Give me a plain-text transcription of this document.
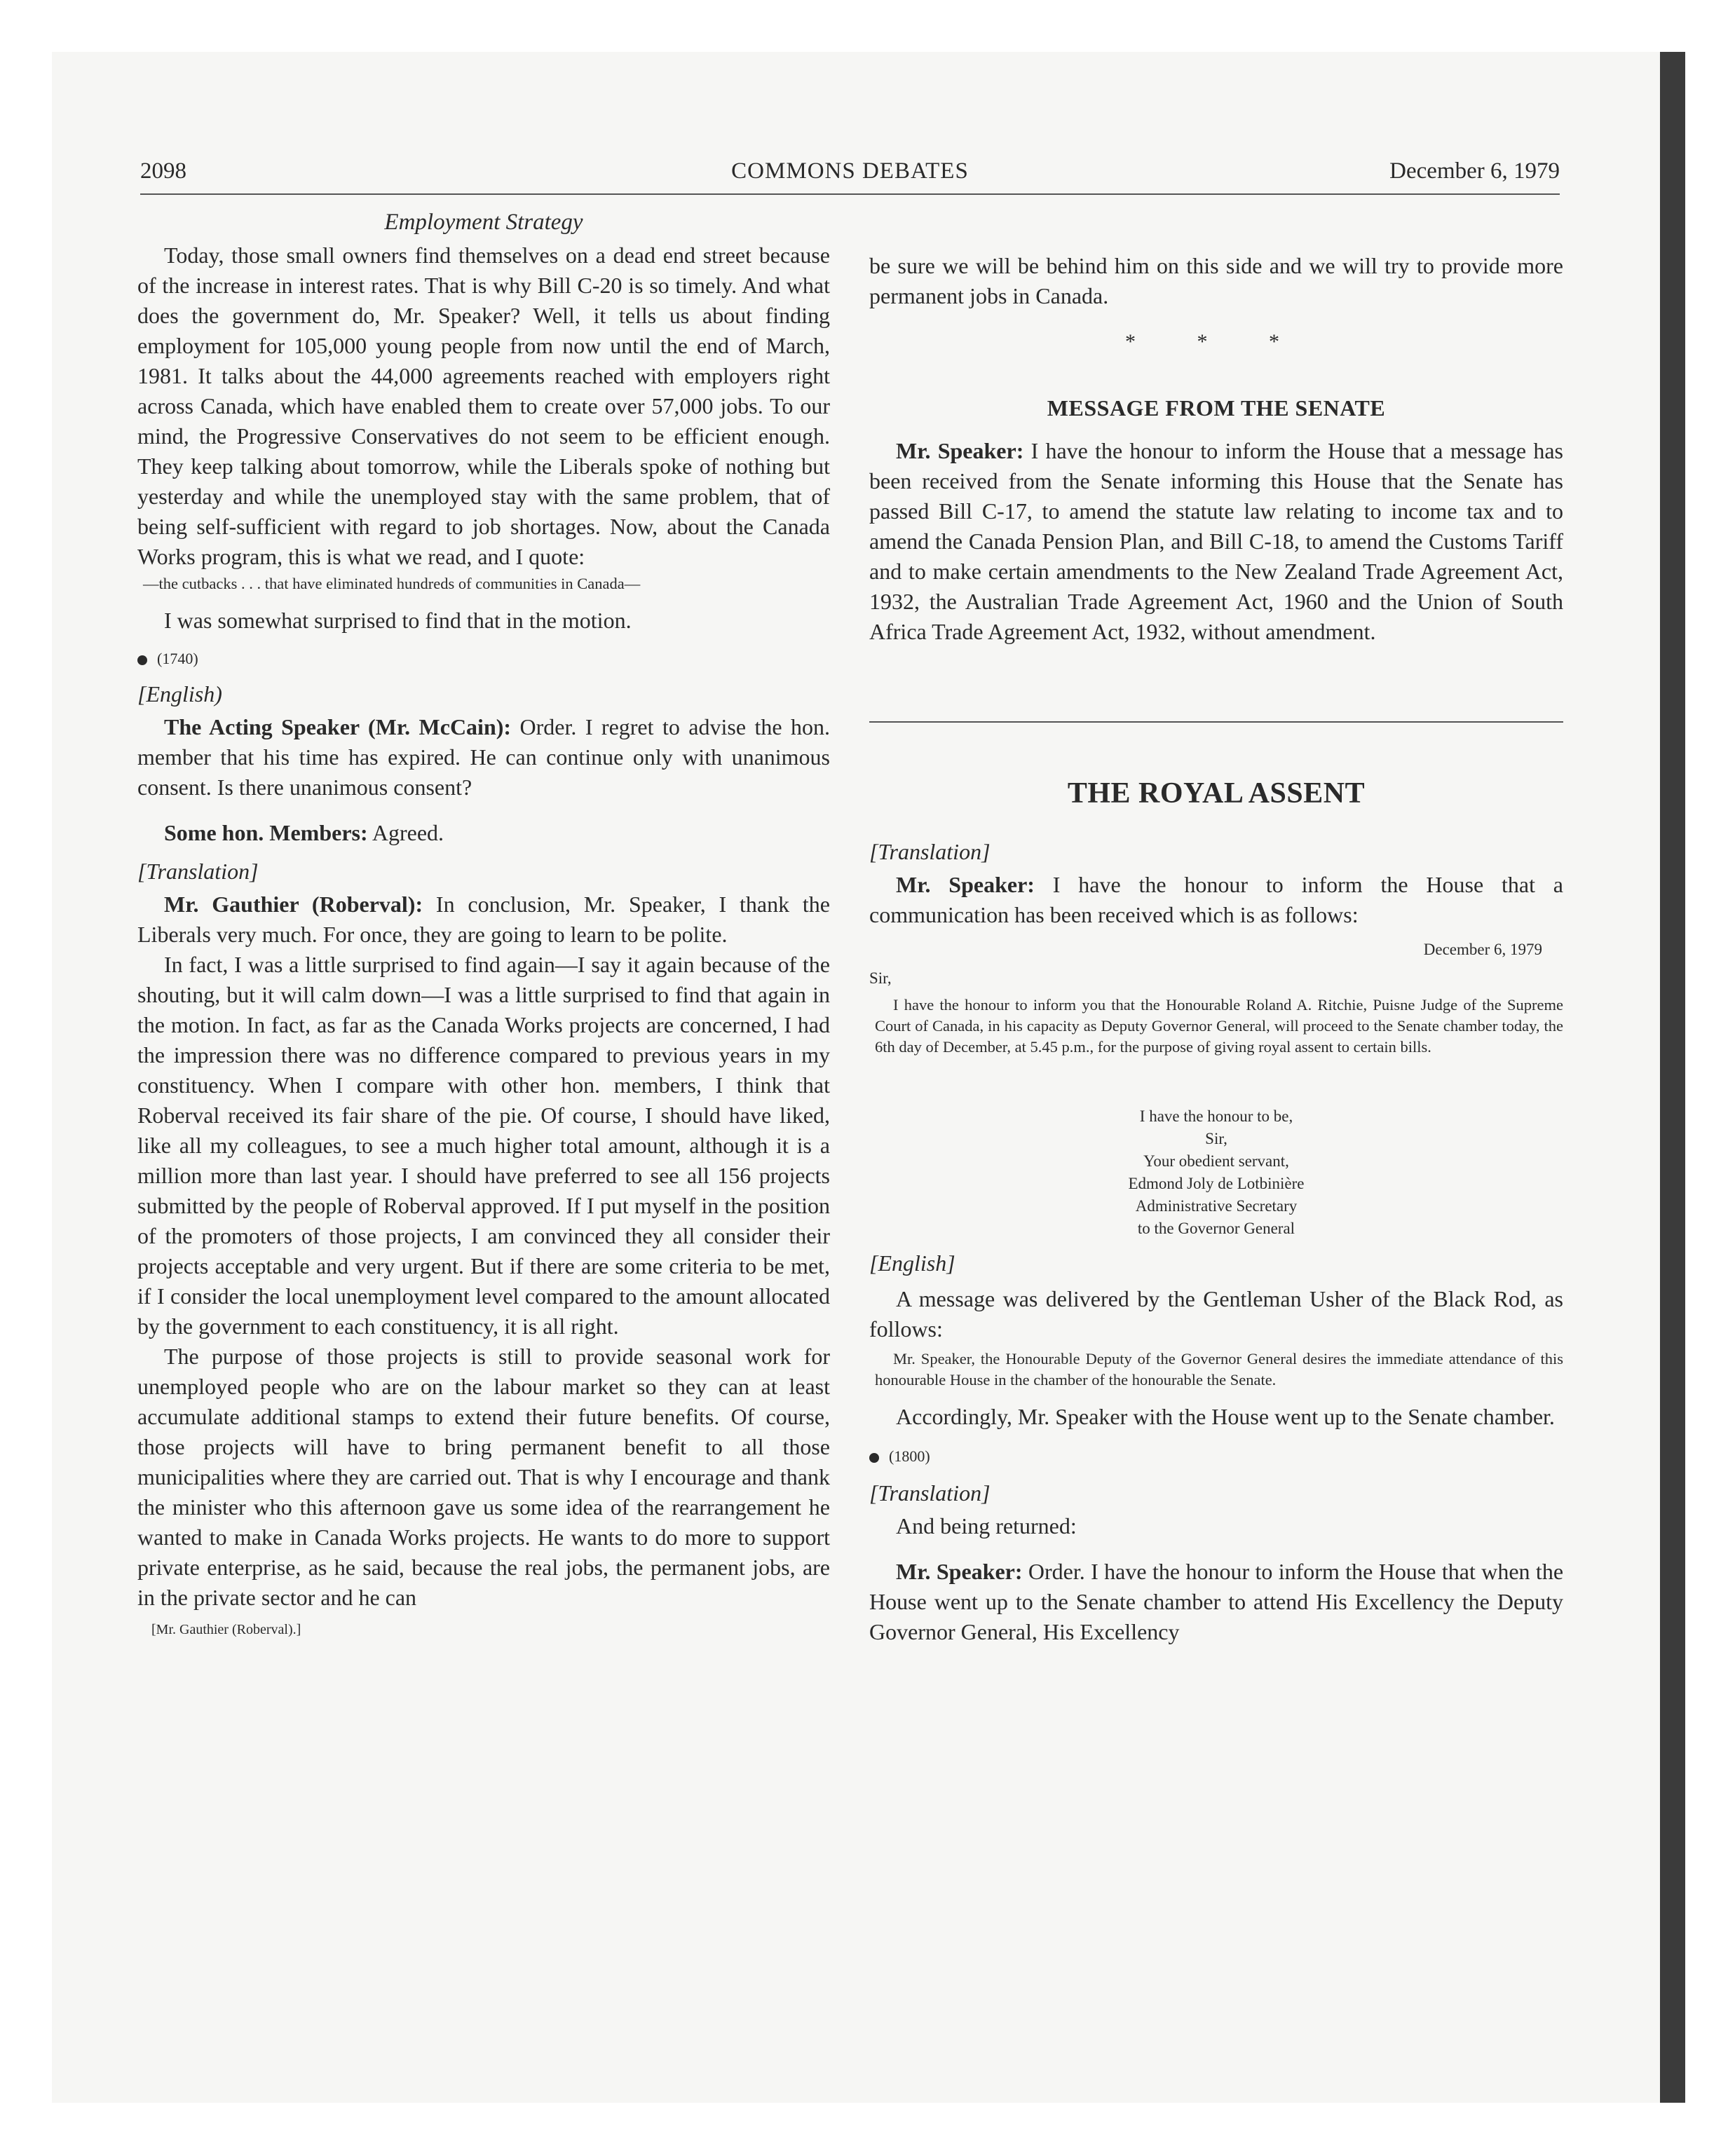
2098	COMMONS DEBATES	December 6, 1979
Employment Strategy

Today, those small owners find themselves on a dead end street because of the increase in interest rates. That is why Bill C-20 is so timely. And what does the government do, Mr. Speaker? Well, it tells us about finding employment for 105,000 young people from now until the end of March, 1981. It talks about the 44,000 agreements reached with employers right across Canada, which have enabled them to create over 57,000 jobs. To our mind, the Progressive Conservatives do not seem to be efficient enough. They keep talking about tomorrow, while the Liberals spoke of nothing but yesterday and while the unemployed stay with the same problem, that of being self-sufficient with regard to job shortages. Now, about the Canada Works program, this is what we read, and I quote:

—the cutbacks . . . that have eliminated hundreds of communities in Canada—

I was somewhat surprised to find that in the motion.

(1740)

[English)

The Acting Speaker (Mr. McCain): Order. I regret to advise the hon. member that his time has expired. He can continue only with unanimous consent. Is there unanimous consent?

Some hon. Members: Agreed.

[Translation]

Mr. Gauthier (Roberval): In conclusion, Mr. Speaker, I thank the Liberals very much. For once, they are going to learn to be polite.

In fact, I was a little surprised to find again—I say it again because of the shouting, but it will calm down—I was a little surprised to find that again in the motion. In fact, as far as the Canada Works projects are concerned, I had the impression there was no difference compared to previous years in my constituency. When I compare with other hon. members, I think that Roberval received its fair share of the pie. Of course, I should have liked, like all my colleagues, to see a much higher total amount, although it is a million more than last year. I should have preferred to see all 156 projects submitted by the people of Roberval approved. If I put myself in the position of the promoters of those projects, I am convinced they all consider their projects acceptable and very urgent. But if there are some criteria to be met, if I consider the local unemployment level compared to the amount allocated by the government to each constituency, it is all right.

The purpose of those projects is still to provide seasonal work for unemployed people who are on the labour market so they can at least accumulate additional stamps to extend their future benefits. Of course, those projects will have to bring permanent benefit to all those municipalities where they are carried out. That is why I encourage and thank the minister who this afternoon gave us some idea of the rearrangement he wanted to make in Canada Works projects. He wants to do more to support private enterprise, as he said, because the real jobs, the permanent jobs, are in the private sector and he can

[Mr. Gauthier (Roberval).]

be sure we will be behind him on this side and we will try to provide more permanent jobs in Canada.

* * *

MESSAGE FROM THE SENATE

Mr. Speaker: I have the honour to inform the House that a message has been received from the Senate informing this House that the Senate has passed Bill C-17, to amend the statute law relating to income tax and to amend the Canada Pension Plan, and Bill C-18, to amend the Customs Tariff and to make certain amendments to the New Zealand Trade Agreement Act, 1932, the Australian Trade Agreement Act, 1960 and the Union of South Africa Trade Agreement Act, 1932, without amendment.

THE ROYAL ASSENT

[Translation]

Mr. Speaker: I have the honour to inform the House that a communication has been received which is as follows:

December 6, 1979

Sir,

I have the honour to inform you that the Honourable Roland A. Ritchie, Puisne Judge of the Supreme Court of Canada, in his capacity as Deputy Governor General, will proceed to the Senate chamber today, the 6th day of December, at 5.45 p.m., for the purpose of giving royal assent to certain bills.

I have the honour to be,
Sir,
Your obedient servant,
Edmond Joly de Lotbinière
Administrative Secretary
to the Governor General

[English]

A message was delivered by the Gentleman Usher of the Black Rod, as follows:

Mr. Speaker, the Honourable Deputy of the Governor General desires the immediate attendance of this honourable House in the chamber of the honourable the Senate.

Accordingly, Mr. Speaker with the House went up to the Senate chamber.

(1800)

[Translation]

And being returned:

Mr. Speaker: Order. I have the honour to inform the House that when the House went up to the Senate chamber to attend His Excellency the Deputy Governor General, His Excellency
